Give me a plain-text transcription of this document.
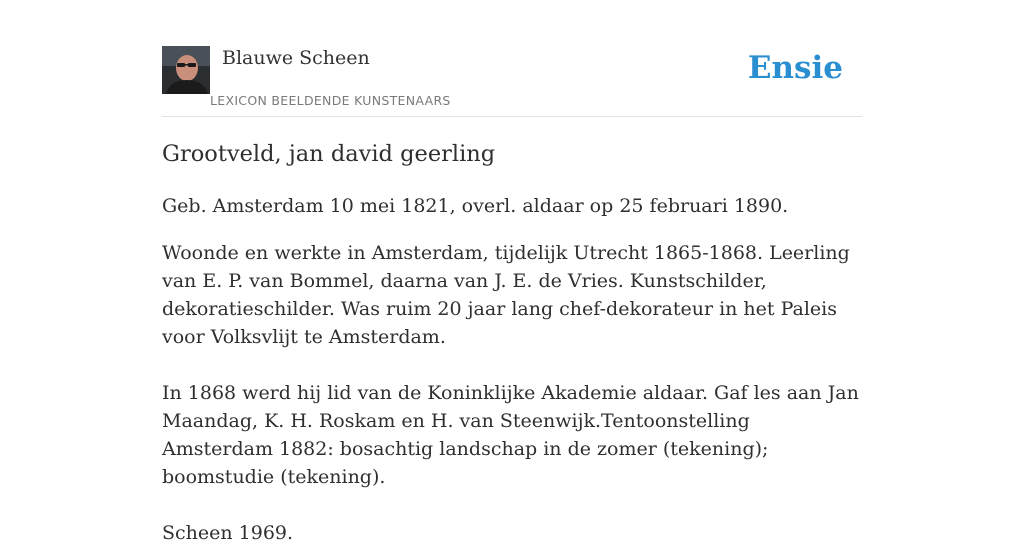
Blauwe Scheen
LEXICON BEELDENDE KUNSTENAARS
Ensie
Grootveld, jan david geerling

Geb. Amsterdam 10 mei 1821, overl. aldaar op 25 februari 1890.

Woonde en werkte in Amsterdam, tijdelijk Utrecht 1865-1868. Leerling van E. P. van Bommel, daarna van J. E. de Vries. Kunstschilder, dekoratieschilder. Was ruim 20 jaar lang chef-dekorateur in het Paleis voor Volksvlijt te Amsterdam.

In 1868 werd hij lid van de Koninklijke Akademie aldaar. Gaf les aan Jan Maandag, K. H. Roskam en H. van Steenwijk.Tentoonstelling Amsterdam 1882: bosachtig landschap in de zomer (tekening); boomstudie (tekening).

Scheen 1969.
